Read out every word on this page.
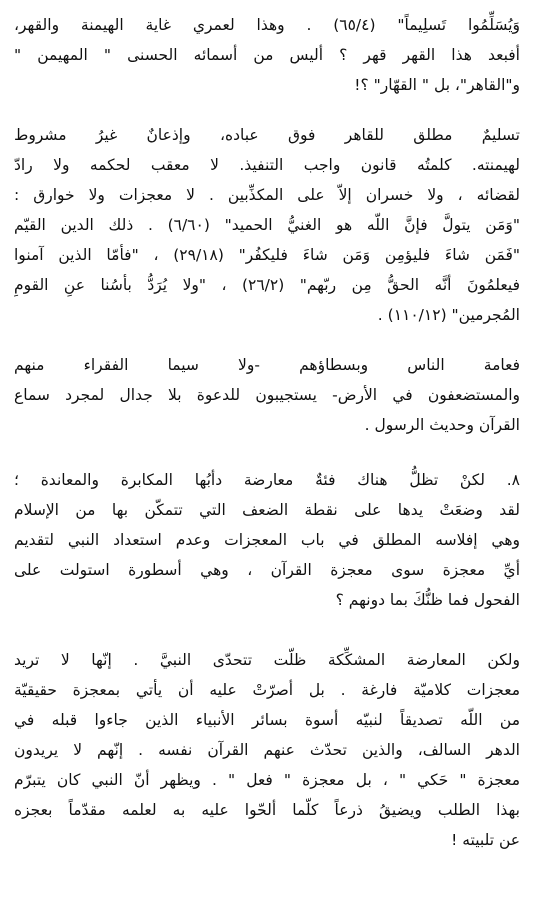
وَيُسَلِّمُوا تَسلِيماً" (٦٥/٤) . وهذا لعمري غاية الهيمنة والقهر،
أفبعد هذا القهر قهر ؟ أليس من أسمائه الحسنى " المهيمن "
و"القاهر"، بل " القهّار" ؟!
تسليمٌ مطلق للقاهر فوق عباده، وإذعانٌ غيرُ مشروط
لهيمنته. كلمتُه قانون واجب التنفيذ. لا معقب لحكمه ولا رادّ
لقضائه ، ولا خسران إلاّ على المكذِّبين . لا معجزات ولا خوارق :
"وَمَن يتولَّ فإنَّ اللّه هو الغنيُّ الحميد" (٦/٦٠) . ذلك الدين القيّم
"فَمَن شاءَ فليؤمِن وَمَن شاءَ فليكفُر" (٢٩/١٨) ، "فأمّا الذين آمنوا
فيعلمُونَ أنَّه الحقُّ مِن ربّهم" (٢٦/٢) ، "ولا يُرَدُّ بأسُنا عنِ القومِ
المُجرمين" (١١٠/١٢) .
فعامة الناس وبسطاؤهم -ولا سيما الفقراء منهم
والمستضعفون في الأرض- يستجيبون للدعوة بلا جدال لمجرد سماع
القرآن وحديث الرسول .
٨. لكنْ تظلُّ هناك فئةٌ معارضة دأبُها المكابرة والمعاندة ؛
لقد وضعَتْ يدها على نقطة الضعف التي تتمكّن بها من الإسلام
وهي إفلاسه المطلق في باب المعجزات وعدم استعداد النبي لتقديم
أيِّ معجزة سوى معجزة القرآن ، وهي أسطورة استولت على
الفحول فما ظنُّكَ بما دونهم ؟
ولكن المعارضة المشكِّكة ظلّت تتحدّى النبيَّ . إنّها لا تريد
معجزات كلاميّة فارغة . بل أصرّتْ عليه أن يأتي بمعجزة حقيقيّة
من اللّه تصديقاً لنبيّه أسوة بسائر الأنبياء الذين جاءوا قبله في
الدهر السالف، والذين تحدّث عنهم القرآن نفسه . إنّهم لا يريدون
معجزة " حَكي " ، بل معجزة " فعل " . ويظهر أنّ النبي كان يتبرّم
بهذا الطلب ويضيقُ ذرعاً كلّما ألحّوا عليه به لعلمه مقدّماً بعجزه
عن تلبيته !
